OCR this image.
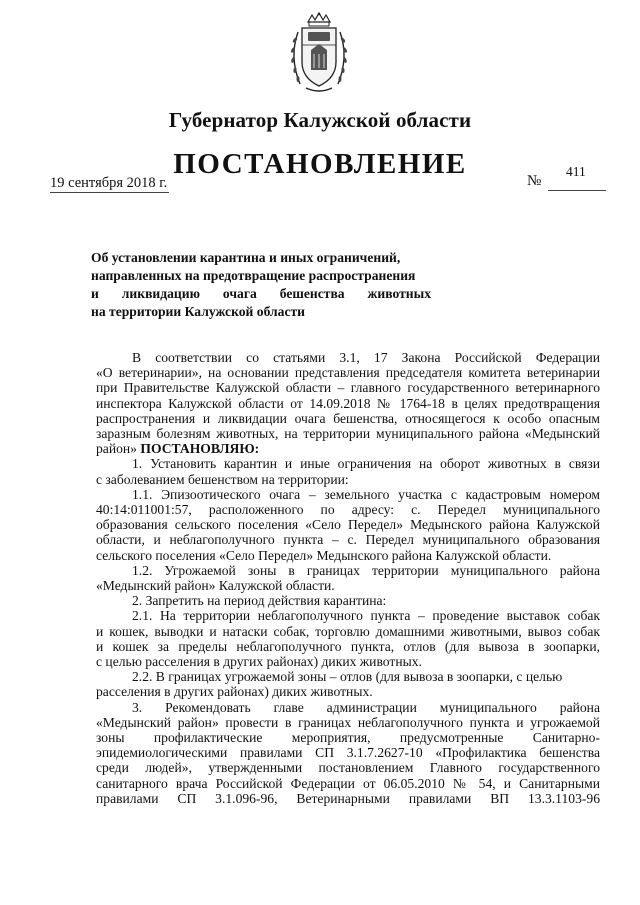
Губернатор Калужской области
ПОСТАНОВЛЕНИЕ
19 сентября 2018 г.	№
411
Об установлении карантина и иных ограничений,
направленных на предотвращение распространения
и ликвидацию очага бешенства животных
на территории Калужской области
В соответствии со статьями 3.1, 17 Закона Российской Федерации
«О ветеринарии», на основании представления председателя комитета ветеринарии
при Правительстве Калужской области – главного государственного ветеринарного
инспектора Калужской области от 14.09.2018 № 1764-18 в целях предотвращения
распространения и ликвидации очага бешенства, относящегося к особо опасным
заразным болезням животных, на территории муниципального района «Медынский
район» ПОСТАНОВЛЯЮ:
1. Установить карантин и иные ограничения на оборот животных в связи
с заболеванием бешенством на территории:
1.1. Эпизоотического очага – земельного участка с кадастровым номером
40:14:011001:57, расположенного по адресу: с. Передел муниципального
образования сельского поселения «Село Передел» Медынского района Калужской
области, и неблагополучного пункта – с. Передел муниципального образования
сельского поселения «Село Передел» Медынского района Калужской области.
1.2. Угрожаемой зоны в границах территории муниципального района
«Медынский район» Калужской области.
2. Запретить на период действия карантина:
2.1. На территории неблагополучного пункта – проведение выставок собак
и кошек, выводки и натаски собак, торговлю домашними животными, вывоз собак
и кошек за пределы неблагополучного пункта, отлов (для вывоза в зоопарки,
с целью расселения в других районах) диких животных.
2.2. В границах угрожаемой зоны – отлов (для вывоза в зоопарки, с целью
расселения в других районах) диких животных.
3. Рекомендовать главе администрации муниципального района
«Медынский район» провести в границах неблагополучного пункта и угрожаемой
зоны профилактические мероприятия, предусмотренные Санитарно-
эпидемиологическими правилами СП 3.1.7.2627-10 «Профилактика бешенства
среди людей», утвержденными постановлением Главного государственного
санитарного врача Российской Федерации от 06.05.2010 № 54, и Санитарными
правилами СП 3.1.096-96, Ветеринарными правилами ВП 13.3.1103-96
